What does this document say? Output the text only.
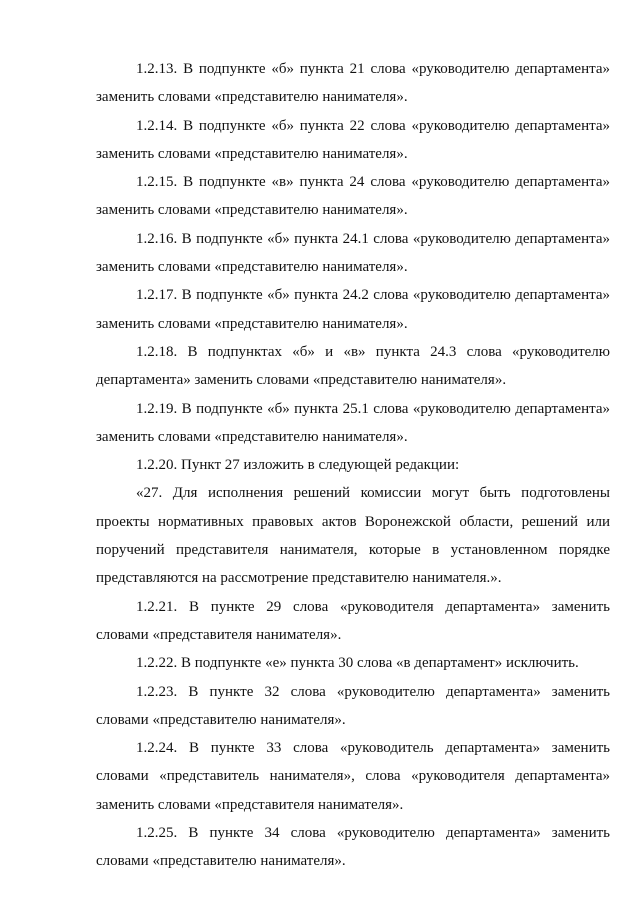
1.2.13. В подпункте «б» пункта 21 слова «руководителю департамента» заменить словами «представителю нанимателя».

1.2.14. В подпункте «б» пункта 22 слова «руководителю департамента» заменить словами «представителю нанимателя».

1.2.15. В подпункте «в» пункта 24 слова «руководителю департамента» заменить словами «представителю нанимателя».

1.2.16. В подпункте «б» пункта 24.1 слова «руководителю департамента» заменить словами «представителю нанимателя».

1.2.17. В подпункте «б» пункта 24.2 слова «руководителю департамента» заменить словами «представителю нанимателя».

1.2.18. В подпунктах «б» и «в» пункта 24.3 слова «руководителю департамента» заменить словами «представителю нанимателя».

1.2.19. В подпункте «б» пункта 25.1 слова «руководителю департамента» заменить словами «представителю нанимателя».

1.2.20. Пункт 27 изложить в следующей редакции:

«27. Для исполнения решений комиссии могут быть подготовлены проекты нормативных правовых актов Воронежской области, решений или поручений представителя нанимателя, которые в установленном порядке представляются на рассмотрение представителю нанимателя.».

1.2.21. В пункте 29 слова «руководителя департамента» заменить словами «представителя нанимателя».

1.2.22. В подпункте «е» пункта 30 слова «в департамент» исключить.

1.2.23. В пункте 32 слова «руководителю департамента» заменить словами «представителю нанимателя».

1.2.24. В пункте 33 слова «руководитель департамента» заменить словами «представитель нанимателя», слова «руководителя департамента» заменить словами «представителя нанимателя».

1.2.25. В пункте 34 слова «руководителю департамента» заменить словами «представителю нанимателя».
